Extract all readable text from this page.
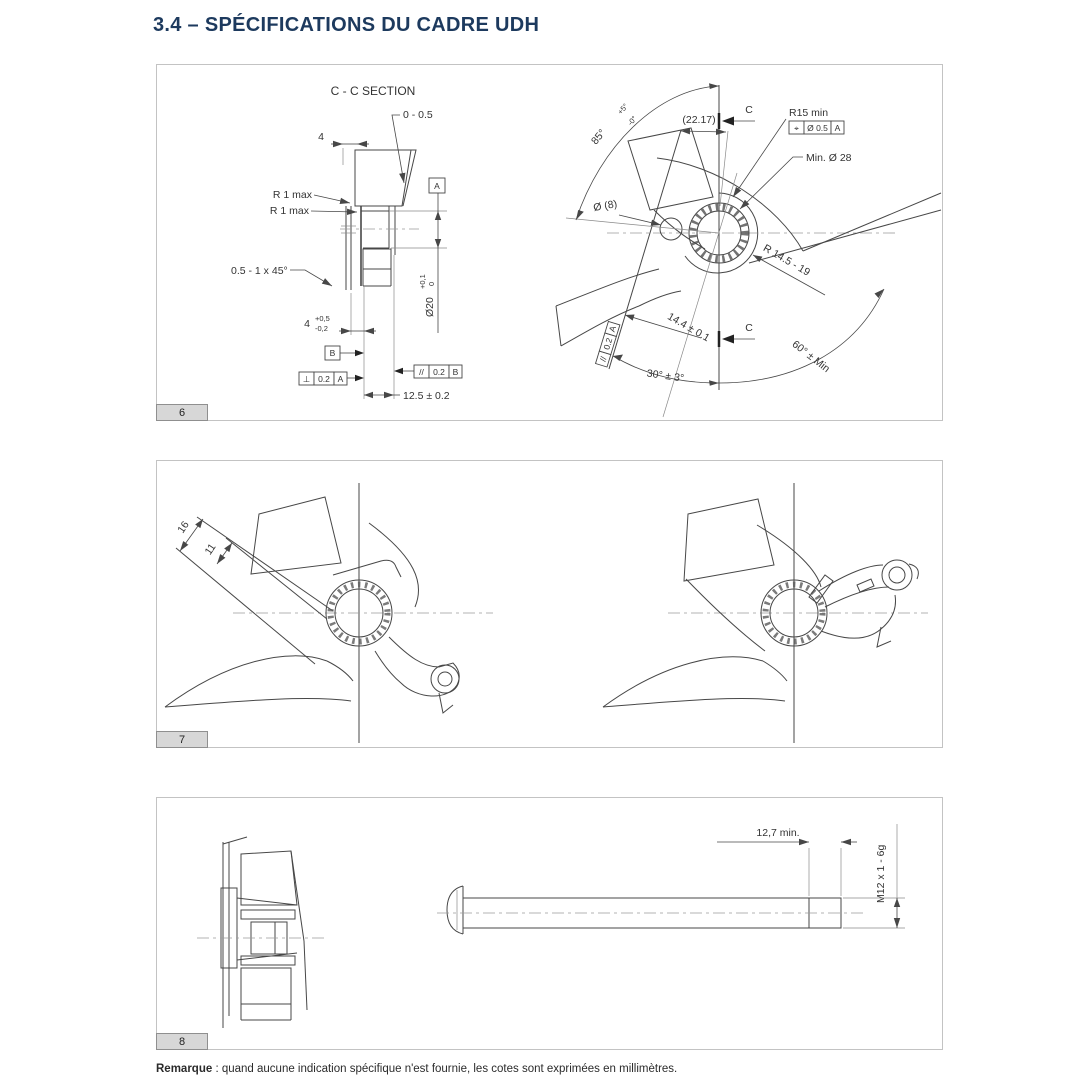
3.4 – SPÉCIFICATIONS DU CADRE UDH
C - C SECTION
0 - 0.5
4
R 1 max
R 1 max
0.5 - 1 x 45°
4 +0,5
-0,2
B
⊥ 0.2 A
// 0.2 B
12.5 ± 0.2
A
Ø20
+0,1 0
85°
+5°
-0°	(22.17)
C
C
R15 min
⌖ Ø 0.5 A
Min. Ø 28
Ø (8)
R 14.5 - 19
14.4 ± 0.1
//
0.2
A
30° ± 3°
60° ± Min
6
16
11
7
12,7 min.
M12 x 1 - 6g
8

Remarque : quand aucune indication spécifique n'est fournie, les cotes sont exprimées en millimètres.
